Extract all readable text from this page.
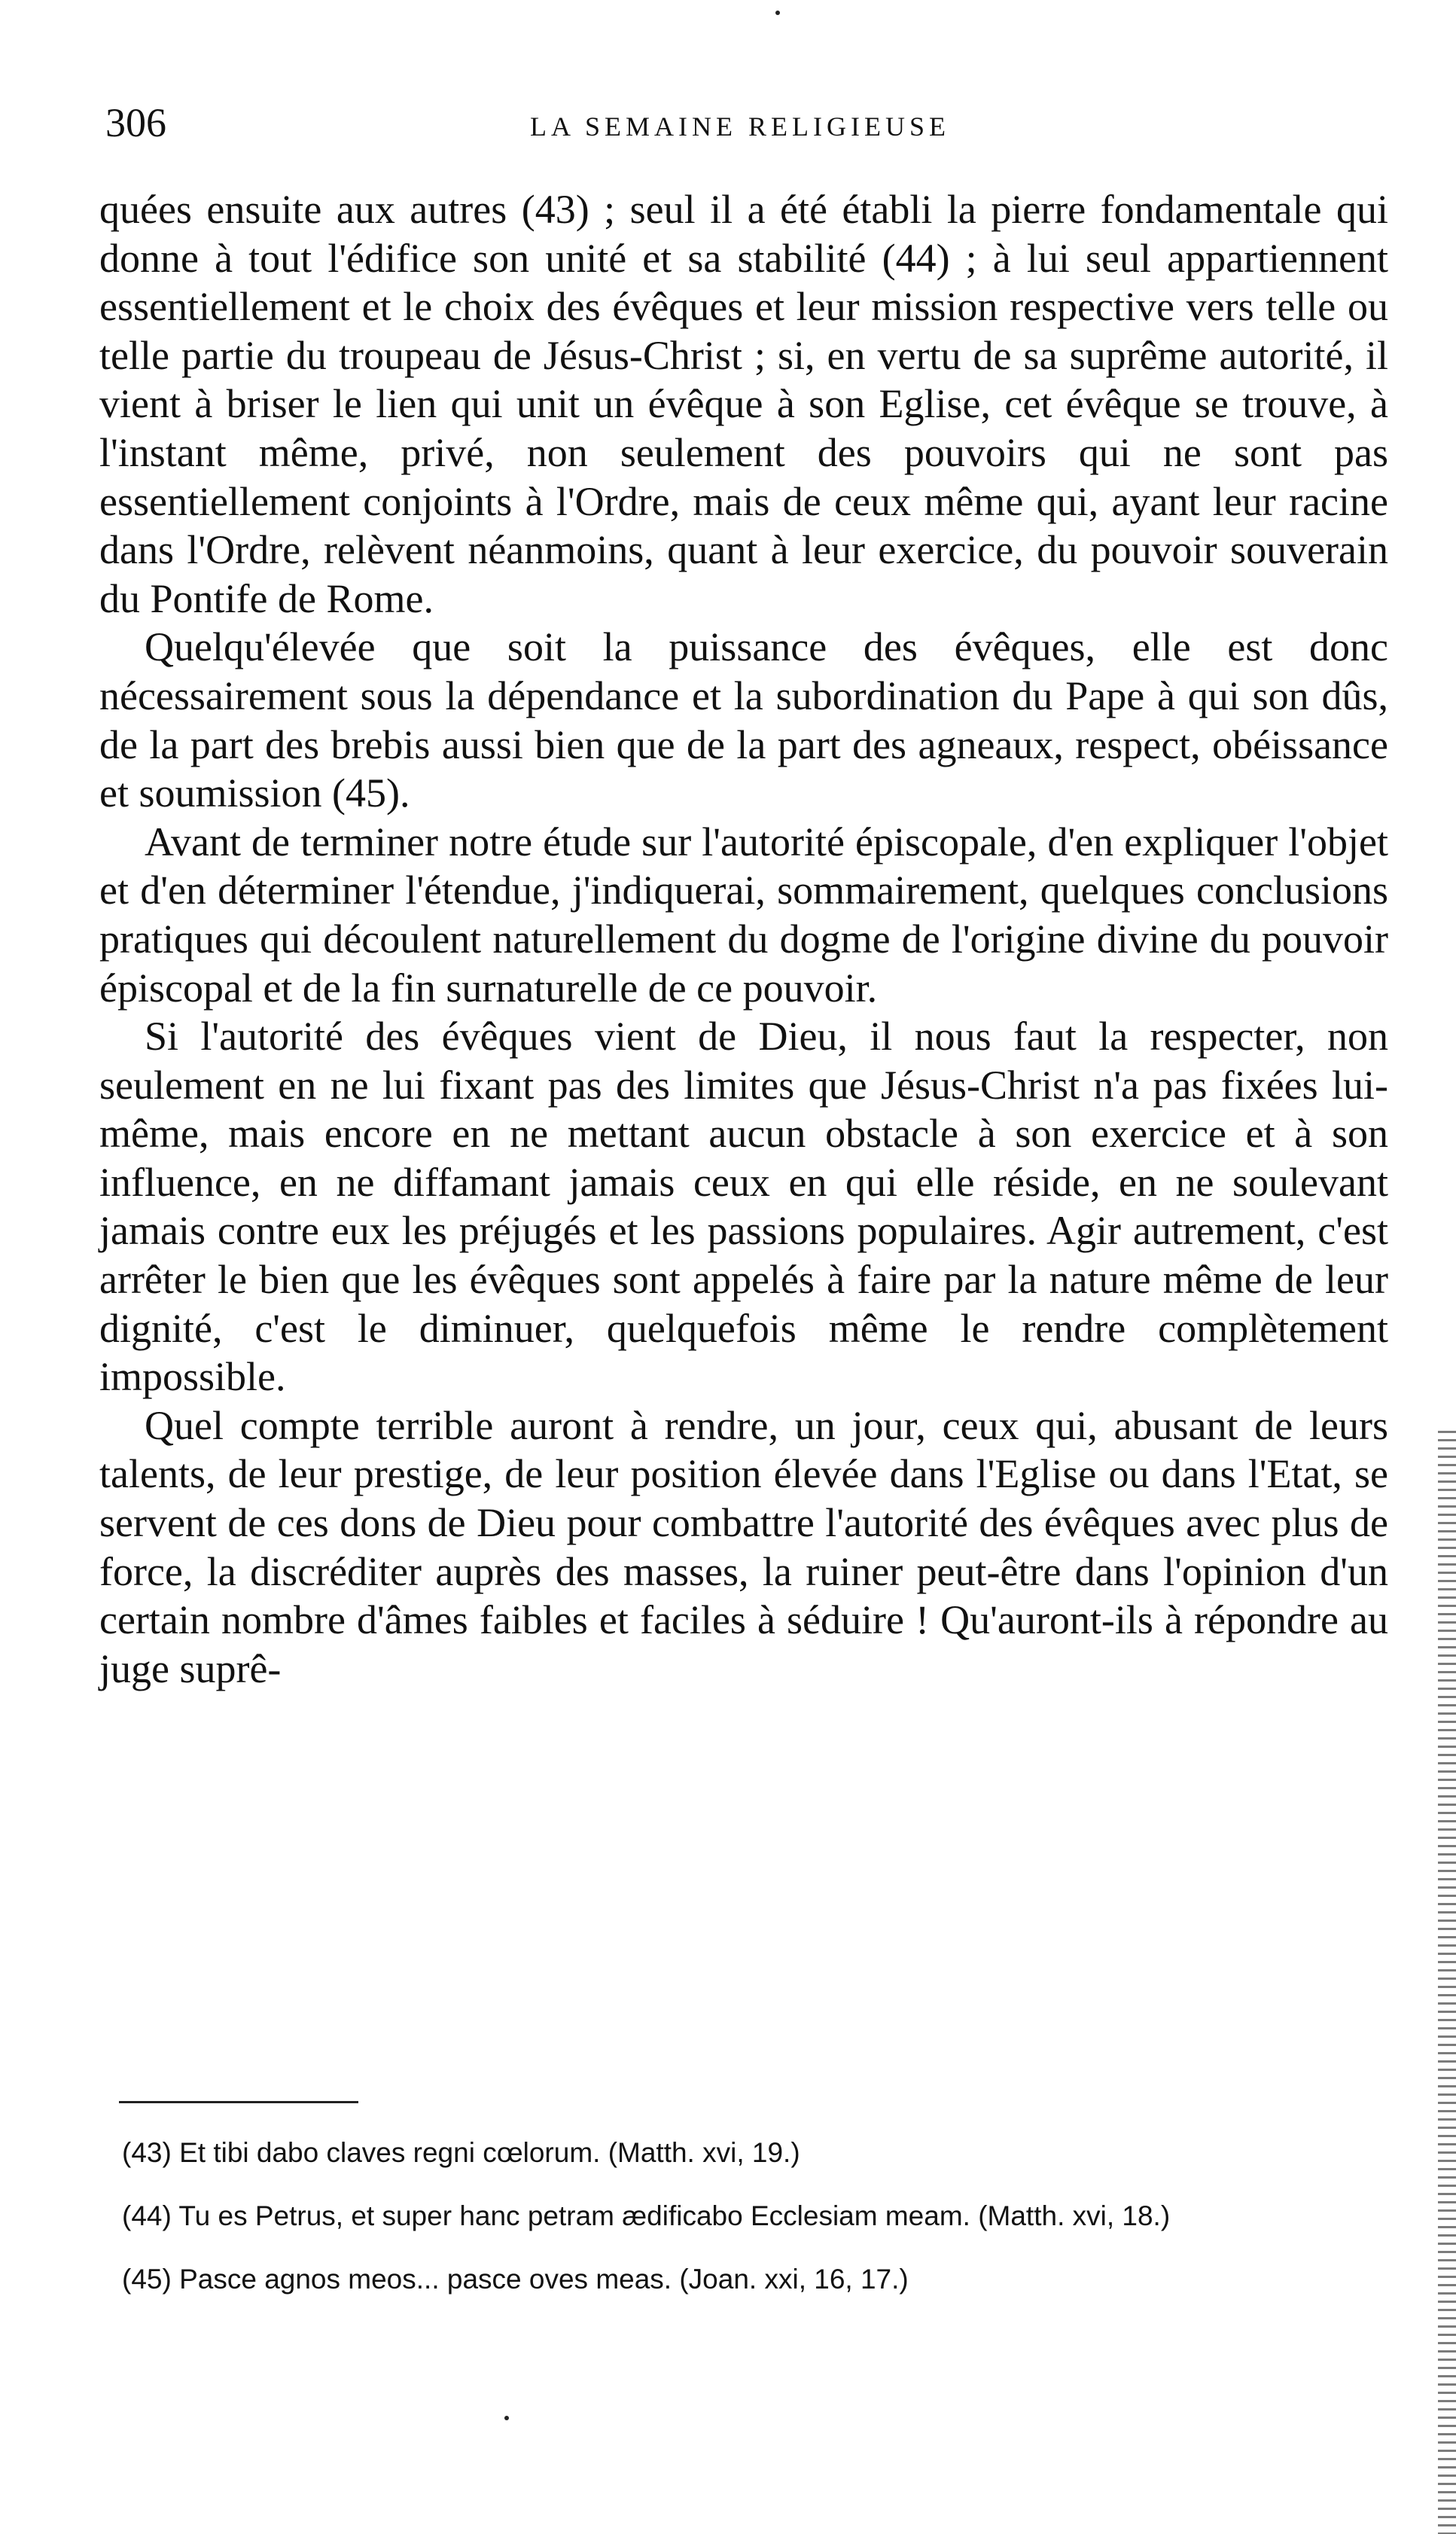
306	LA SEMAINE RELIGIEUSE

quées ensuite aux autres (43) ; seul il a été établi la pierre fondamentale qui donne à tout l'édifice son unité et sa stabilité (44) ; à lui seul appartiennent essentiellement et le choix des évêques et leur mission respective vers telle ou telle partie du troupeau de Jésus-Christ ; si, en vertu de sa suprême autorité, il vient à briser le lien qui unit un évêque à son Eglise, cet évêque se trouve, à l'instant même, privé, non seulement des pouvoirs qui ne sont pas essentiellement conjoints à l'Ordre, mais de ceux même qui, ayant leur racine dans l'Ordre, relèvent néanmoins, quant à leur exercice, du pouvoir souverain du Pontife de Rome.

Quelqu'élevée que soit la puissance des évêques, elle est donc nécessairement sous la dépendance et la subordination du Pape à qui son dûs, de la part des brebis aussi bien que de la part des agneaux, respect, obéissance et soumission (45).

Avant de terminer notre étude sur l'autorité épiscopale, d'en expliquer l'objet et d'en déterminer l'étendue, j'indiquerai, sommairement, quelques conclusions pratiques qui découlent naturellement du dogme de l'origine divine du pouvoir épiscopal et de la fin surnaturelle de ce pouvoir.

Si l'autorité des évêques vient de Dieu, il nous faut la respecter, non seulement en ne lui fixant pas des limites que Jésus-Christ n'a pas fixées lui-même, mais encore en ne mettant aucun obstacle à son exercice et à son influence, en ne diffamant jamais ceux en qui elle réside, en ne soulevant jamais contre eux les préjugés et les passions populaires. Agir autrement, c'est arrêter le bien que les évêques sont appelés à faire par la nature même de leur dignité, c'est le diminuer, quelquefois même le rendre complètement impossible.

Quel compte terrible auront à rendre, un jour, ceux qui, abusant de leurs talents, de leur prestige, de leur position élevée dans l'Eglise ou dans l'Etat, se servent de ces dons de Dieu pour combattre l'autorité des évêques avec plus de force, la discréditer auprès des masses, la ruiner peut-être dans l'opinion d'un certain nombre d'âmes faibles et faciles à séduire ! Qu'auront-ils à répondre au juge suprê-

(43) Et tibi dabo claves regni cœlorum. (Matth. xvi, 19.)

(44) Tu es Petrus, et super hanc petram ædificabo Ecclesiam meam. (Matth. xvi, 18.)

(45) Pasce agnos meos... pasce oves meas. (Joan. xxi, 16, 17.)
